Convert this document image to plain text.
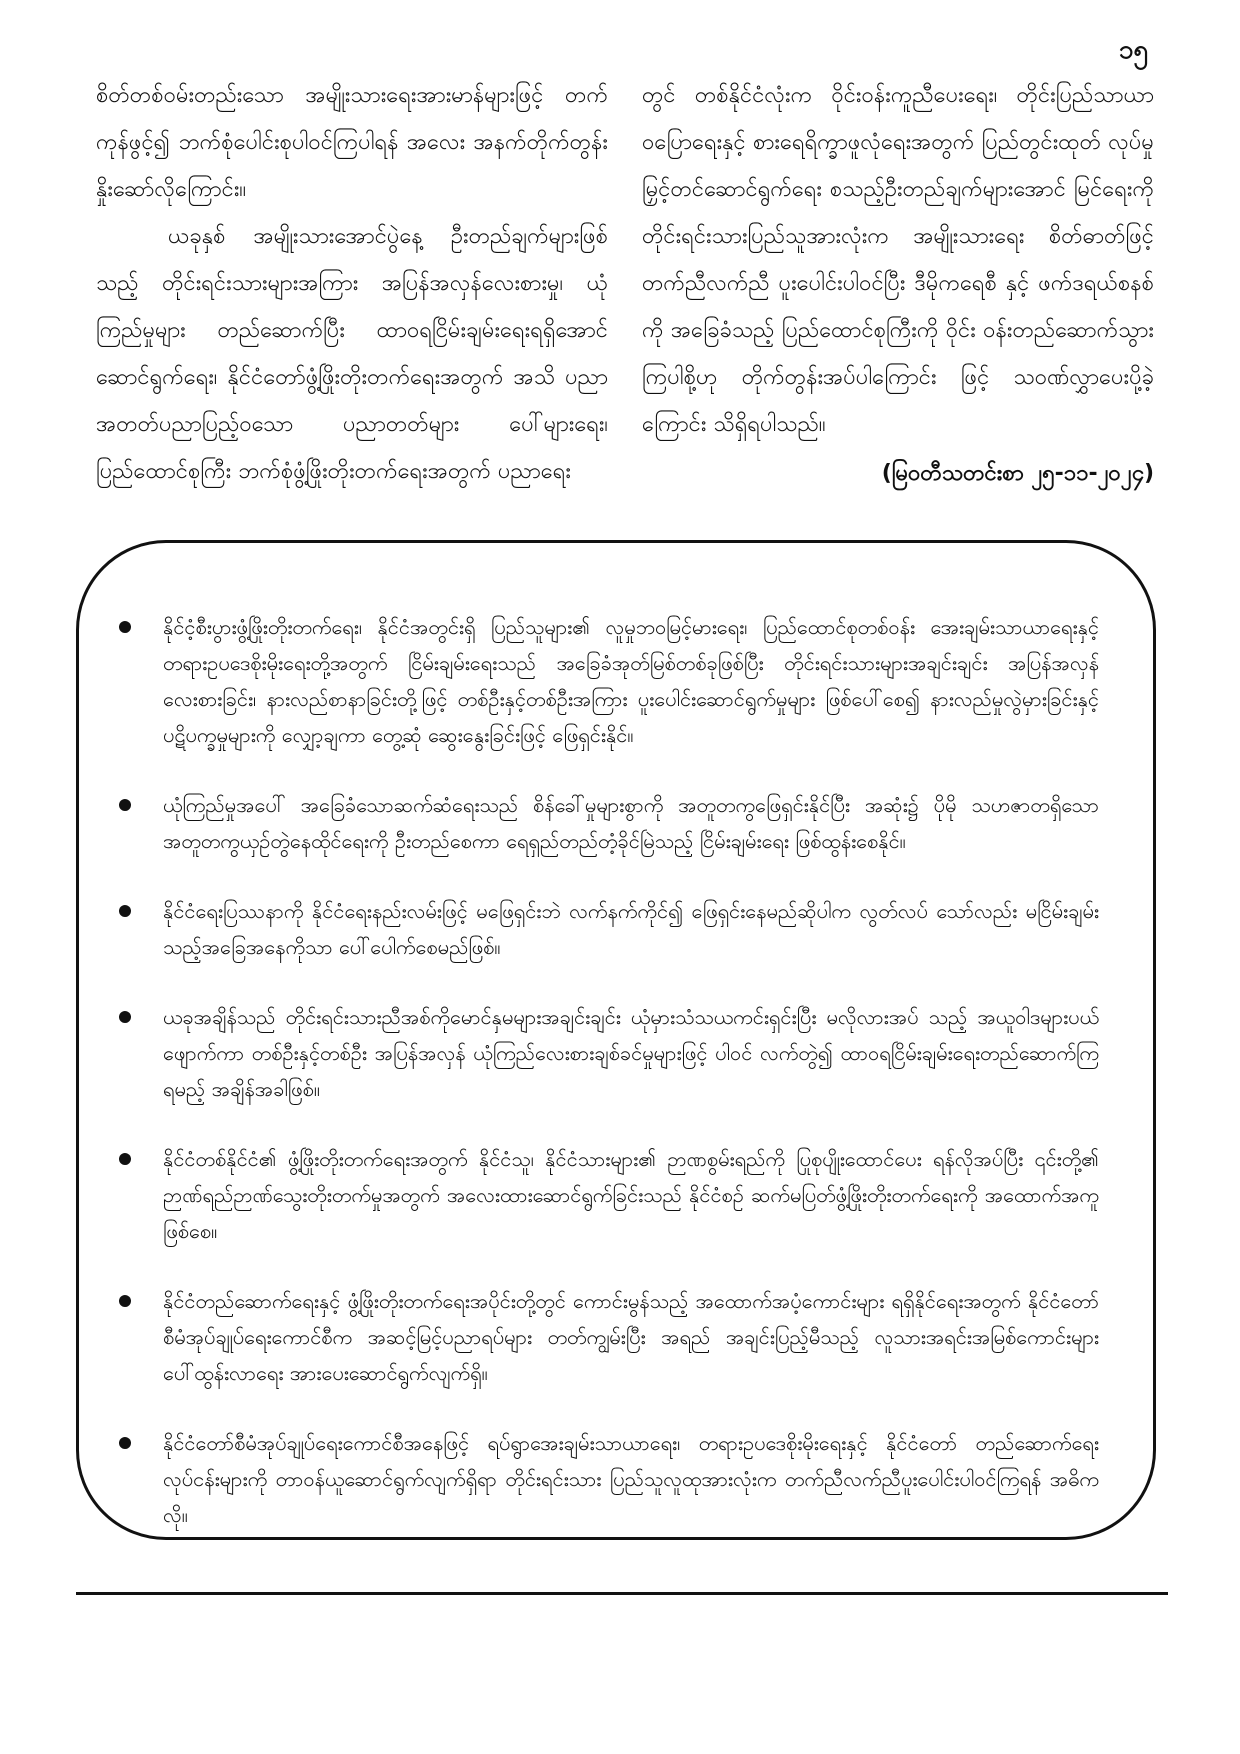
၁၅

စိတ်တစ်ဝမ်းတည်းသော အမျိုးသားရေးအားမာန်များဖြင့် တက်ကုန်ဖွင့်၍ ဘက်စုံပေါင်းစုပါဝင်ကြပါရန် အလေး အနက်တိုက်တွန်းနှိုးဆော်လိုကြောင်း။

ယခုနှစ် အမျိုးသားအောင်ပွဲနေ့ ဦးတည်ချက်များဖြစ် သည့် တိုင်းရင်းသားများအကြား အပြန်အလှန်လေးစားမှု၊ ယုံ ကြည်မှုများ တည်ဆောက်ပြီး ထာဝရငြိမ်းချမ်းရေးရရှိအောင် ဆောင်ရွက်ရေး၊ နိုင်ငံတော်ဖွံ့ဖြိုးတိုးတက်ရေးအတွက် အသိ ပညာအတတ်ပညာပြည့်ဝသော ပညာတတ်များ ပေါ်များရေး၊ ပြည်ထောင်စုကြီး ဘက်စုံဖွံ့ဖြိုးတိုးတက်ရေးအတွက် ပညာရေး

တွင် တစ်နိုင်ငံလုံးက ဝိုင်းဝန်းကူညီပေးရေး၊ တိုင်းပြည်သာယာ ဝပြောရေးနှင့် စားရေရိက္ခာဖူလုံရေးအတွက် ပြည်တွင်းထုတ် လုပ်မှု မြှင့်တင်ဆောင်ရွက်ရေး စသည့်ဦးတည်ချက်များအောင် မြင်ရေးကို တိုင်းရင်းသားပြည်သူအားလုံးက အမျိုးသားရေး စိတ်ဓာတ်ဖြင့် တက်ညီလက်ညီ ပူးပေါင်းပါဝင်ပြီး ဒီမိုကရေစီ နှင့် ဖက်ဒရယ်စနစ်ကို အခြေခံသည့် ပြည်ထောင်စုကြီးကို ဝိုင်း ဝန်းတည်ဆောက်သွားကြပါစို့ဟု တိုက်တွန်းအပ်ပါကြောင်း ဖြင့် သဝဏ်လွှာပေးပို့ခဲ့ကြောင်း သိရှိရပါသည်။

(မြဝတီသတင်းစာ ၂၅-၁၁-၂၀၂၄)

နိုင်ငံ့စီးပွားဖွံ့ဖြိုးတိုးတက်ရေး၊ နိုင်ငံအတွင်းရှိ ပြည်သူများ၏ လူမှုဘဝမြင့်မားရေး၊ ပြည်ထောင်စုတစ်ဝန်း အေးချမ်းသာယာရေးနှင့် တရားဥပဒေစိုးမိုးရေးတို့အတွက် ငြိမ်းချမ်းရေးသည် အခြေခံအုတ်မြစ်တစ်ခုဖြစ်ပြီး တိုင်းရင်းသားများအချင်းချင်း အပြန်အလှန်လေးစားခြင်း၊ နားလည်စာနာခြင်းတို့ဖြင့် တစ်ဦးနှင့်တစ်ဦးအကြား ပူးပေါင်းဆောင်ရွက်မှုများ ဖြစ်ပေါ်စေ၍ နားလည်မှုလွဲမှားခြင်းနှင့် ပဋိပက္ခမှုများကို လျှော့ချကာ တွေ့ဆုံ ဆွေးနွေးခြင်းဖြင့် ဖြေရှင်းနိုင်။
ယုံကြည်မှုအပေါ် အခြေခံသောဆက်ဆံရေးသည် စိန်ခေါ်မှုများစွာကို အတူတကွဖြေရှင်းနိုင်ပြီး အဆုံး၌ ပိုမို သဟဇာတရှိသော အတူတကွယှဉ်တွဲနေထိုင်ရေးကို ဦးတည်စေကာ ရေရှည်တည်တံ့ခိုင်မြဲသည့် ငြိမ်းချမ်းရေး ဖြစ်ထွန်းစေနိုင်။
နိုင်ငံရေးပြဿနာကို နိုင်ငံရေးနည်းလမ်းဖြင့် မဖြေရှင်းဘဲ လက်နက်ကိုင်၍ ဖြေရှင်းနေမည်ဆိုပါက လွတ်လပ် သော်လည်း မငြိမ်းချမ်းသည့်အခြေအနေကိုသာ ပေါ်ပေါက်စေမည်ဖြစ်။
ယခုအချိန်သည် တိုင်းရင်းသားညီအစ်ကိုမောင်နှမများအချင်းချင်း ယုံမှားသံသယကင်းရှင်းပြီး မလိုလားအပ် သည့် အယူဝါဒများပယ်ဖျောက်ကာ တစ်ဦးနှင့်တစ်ဦး အပြန်အလှန် ယုံကြည်လေးစားချစ်ခင်မှုများဖြင့် ပါဝင် လက်တွဲ၍ ထာဝရငြိမ်းချမ်းရေးတည်ဆောက်ကြရမည့် အချိန်အခါဖြစ်။
နိုင်ငံတစ်နိုင်ငံ၏ ဖွံ့ဖြိုးတိုးတက်ရေးအတွက် နိုင်ငံသူ၊ နိုင်ငံသားများ၏ ဉာဏစွမ်းရည်ကို ပြုစုပျိုးထောင်ပေး ရန်လိုအပ်ပြီး ၎င်းတို့၏ ဉာဏ်ရည်ဉာဏ်သွေးတိုးတက်မှုအတွက် အလေးထားဆောင်ရွက်ခြင်းသည် နိုင်ငံစဉ် ဆက်မပြတ်ဖွံ့ဖြိုးတိုးတက်ရေးကို အထောက်အကူဖြစ်စေ။
နိုင်ငံတည်ဆောက်ရေးနှင့် ဖွံ့ဖြိုးတိုးတက်ရေးအပိုင်းတို့တွင် ကောင်းမွန်သည့် အထောက်အပံ့ကောင်းများ ရရှိနိုင်ရေးအတွက် နိုင်ငံတော်စီမံအုပ်ချုပ်ရေးကောင်စီက အဆင့်မြင့်ပညာရပ်များ တတ်ကျွမ်းပြီး အရည် အချင်းပြည့်မီသည့် လူသားအရင်းအမြစ်ကောင်းများ ပေါ်ထွန်းလာရေး အားပေးဆောင်ရွက်လျက်ရှိ။
နိုင်ငံတော်စီမံအုပ်ချုပ်ရေးကောင်စီအနေဖြင့် ရပ်ရွာအေးချမ်းသာယာရေး၊ တရားဥပဒေစိုးမိုးရေးနှင့် နိုင်ငံတော် တည်ဆောက်ရေးလုပ်ငန်းများကို တာဝန်ယူဆောင်ရွက်လျက်ရှိရာ တိုင်းရင်းသား ပြည်သူလူထုအားလုံးက တက်ညီလက်ညီပူးပေါင်းပါဝင်ကြရန် အဓိကလို။
